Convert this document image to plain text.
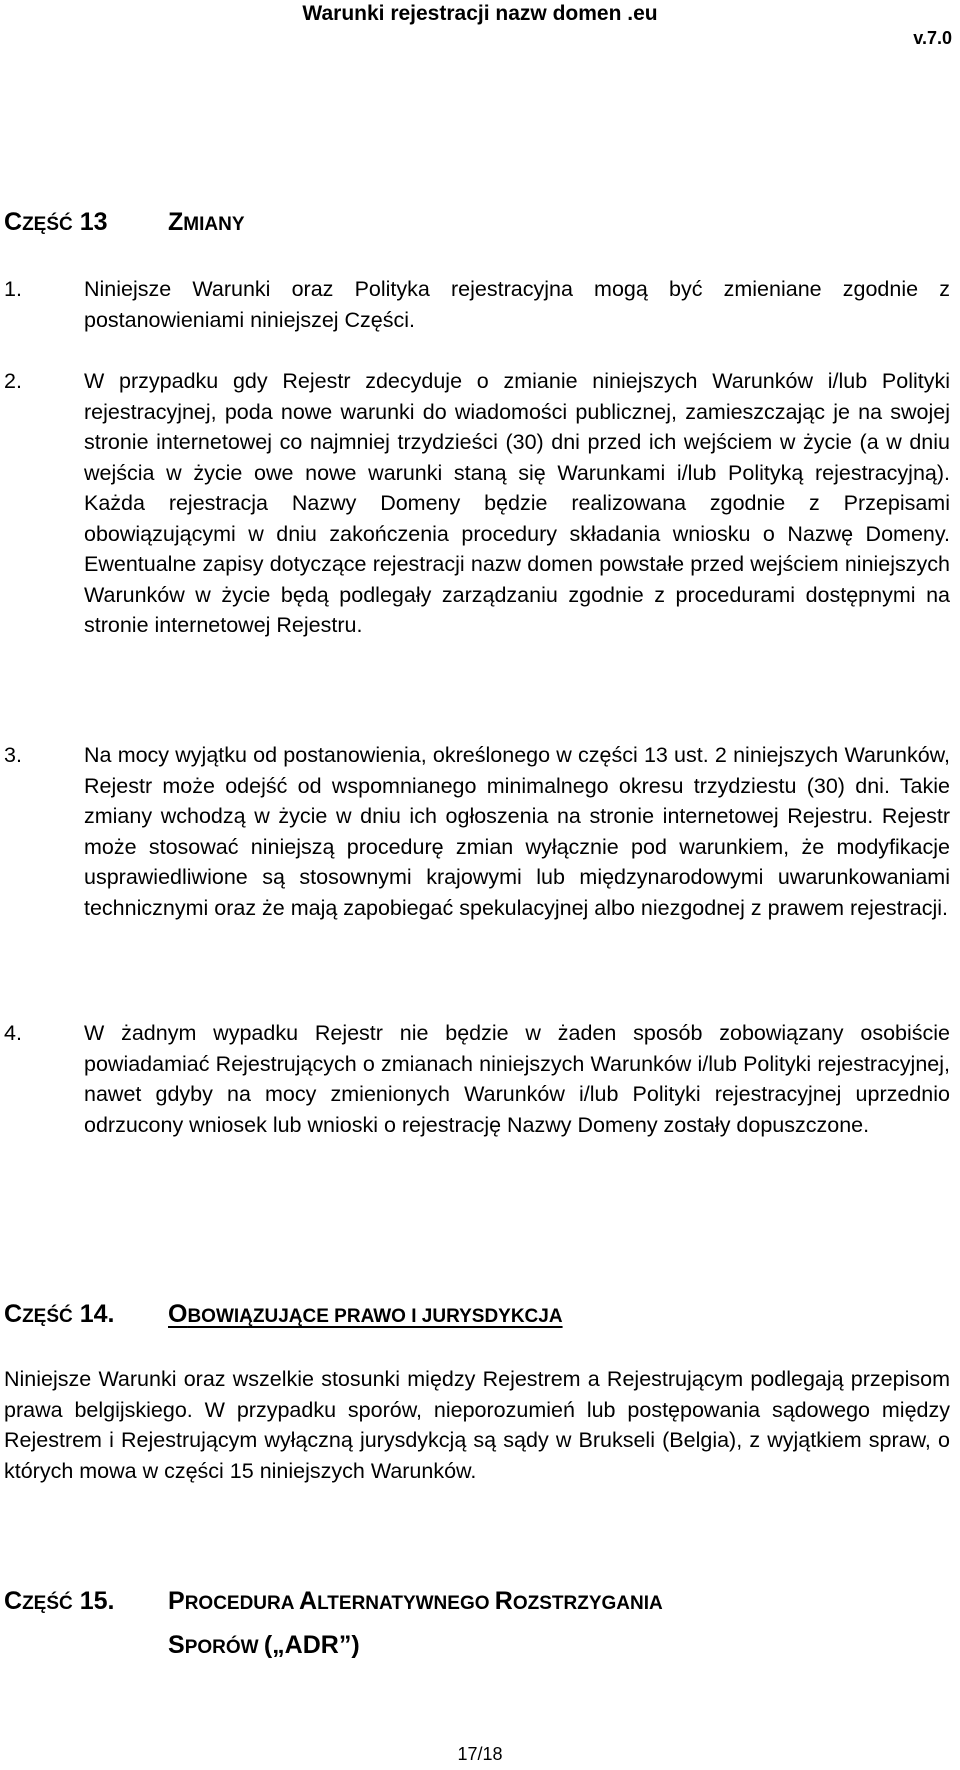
Warunki rejestracji nazw domen .eu
v.7.0
CZĘŚĆ 13 ZMIANY
1.	Niniejsze Warunki oraz Polityka rejestracyjna mogą być zmieniane zgodnie z postanowieniami niniejszej Części.
2.	W przypadku gdy Rejestr zdecyduje o zmianie niniejszych Warunków i/lub Polityki rejestracyjnej, poda nowe warunki do wiadomości publicznej, zamieszczając je na swojej stronie internetowej co najmniej trzydzieści (30) dni przed ich wejściem w życie (a w dniu wejścia w życie owe nowe warunki staną się Warunkami i/lub Polityką rejestracyjną). Każda rejestracja Nazwy Domeny będzie realizowana zgodnie z Przepisami obowiązującymi w dniu zakończenia procedury składania wniosku o Nazwę Domeny. Ewentualne zapisy dotyczące rejestracji nazw domen powstałe przed wejściem niniejszych Warunków w życie będą podlegały zarządzaniu zgodnie z procedurami dostępnymi na stronie internetowej Rejestru.
3.	Na mocy wyjątku od postanowienia, określonego w części 13 ust. 2 niniejszych Warunków, Rejestr może odejść od wspomnianego minimalnego okresu trzydziestu (30) dni. Takie zmiany wchodzą w życie w dniu ich ogłoszenia na stronie internetowej Rejestru. Rejestr może stosować niniejszą procedurę zmian wyłącznie pod warunkiem, że modyfikacje usprawiedliwione są stosownymi krajowymi lub międzynarodowymi uwarunkowaniami technicznymi oraz że mają zapobiegać spekulacyjnej albo niezgodnej z prawem rejestracji.
4.	W żadnym wypadku Rejestr nie będzie w żaden sposób zobowiązany osobiście powiadamiać Rejestrujących o zmianach niniejszych Warunków i/lub Polityki rejestracyjnej, nawet gdyby na mocy zmienionych Warunków i/lub Polityki rejestracyjnej uprzednio odrzucony wniosek lub wnioski o rejestrację Nazwy Domeny zostały dopuszczone.
CZĘŚĆ 14. OBOWIĄZUJĄCE PRAWO I JURYSDYKCJA
Niniejsze Warunki oraz wszelkie stosunki między Rejestrem a Rejestrującym podlegają przepisom prawa belgijskiego. W przypadku sporów, nieporozumień lub postępowania sądowego między Rejestrem i Rejestrującym wyłączną jurysdykcją są sądy w Brukseli (Belgia), z wyjątkiem spraw, o których mowa w części 15 niniejszych Warunków.
CZĘŚĆ 15. PROCEDURA ALTERNATYWNEGO ROZSTRZYGANIA
SPORÓW („ADR”)
17/18
